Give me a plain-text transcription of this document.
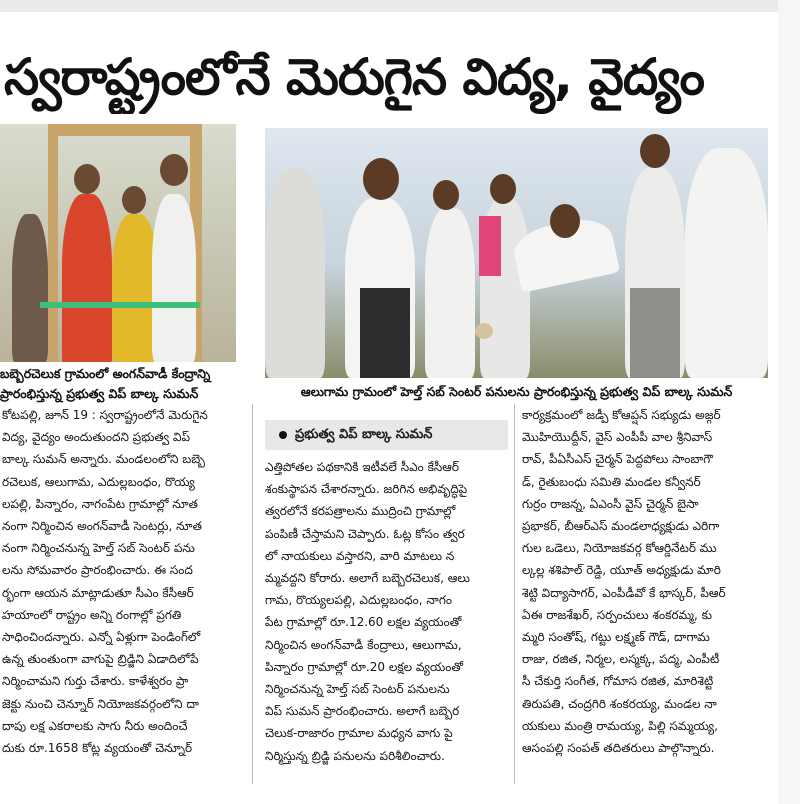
స్వరాష్ట్రంలోనే మెరుగైన విద్య, వైద్యం
బబ్బెరచెలుక గ్రామంలో అంగన్‌వాడీ కేంద్రాన్ని
ప్రారంభిస్తున్న ప్రభుత్వ విప్ బాల్క సుమన్	ఆలుగామ గ్రామంలో హెల్త్ సబ్ సెంటర్ పనులను ప్రారంభిస్తున్న ప్రభుత్వ విప్ బాల్క సుమన్
ప్రభుత్వ విప్ బాల్క సుమన్

కోటపల్లి, జూన్ 19 : స్వరాష్ట్రంలోనే మెరుగైన

విద్య, వైద్యం అందుతుందని ప్రభుత్వ విప్

బాల్క సుమన్ అన్నారు. మండలంలోని బబ్బె

రచెలుక, ఆలుగామ, ఎదుల్లబంధం, రొయ్య

లపల్లి, పిన్నారం, నాగంపేట గ్రామాల్లో నూత

నంగా నిర్మించిన అంగన్‌వాడీ సెంటర్లు, నూత

నంగా నిర్మించనున్న హెల్త్ సబ్ సెంటర్ పను

లను సోమవారం ప్రారంభించారు. ఈ సంద

ర్భంగా ఆయన మాట్లాడుతూ సీఎం కేసీఆర్

హయాంలో రాష్ట్రం అన్ని రంగాల్లో ప్రగతి

సాధించిందన్నారు. ఎన్నో ఏళ్లుగా పెండింగ్‌లో

ఉన్న తుంతుంగా వాగుపై బ్రిడ్జిని ఏడాదిలోపే

నిర్మించామని గుర్తు చేశారు. కాళేశ్వరం ప్రా

జెక్టు నుంచి చెన్నూర్ నియోజకవర్గంలోని దా

దాపు లక్ష ఎకరాలకు సాగు నీరు అందించే

దుకు రూ.1658 కోట్ల వ్యయంతో చెన్నూర్

ఎత్తిపోతల పథకానికి ఇటీవలే సీఎం కేసీఆర్

శంకుస్థాపన చేశారన్నారు. జరిగిన అభివృద్ధిపై

త్వరలోనే కరపత్రాలను ముద్రించి గ్రామాల్లో

పంపిణీ చేస్తామని చెప్పారు. ఓట్ల కోసం త్వర

లో నాయకులు వస్తారని, వారి మాటలు న

మ్మవద్దని కోరారు. అలాగే బబ్బెరచెలుక, ఆలు

గామ, రొయ్యలపల్లి, ఎదుల్లబంధం, నాగం

పేట గ్రామాల్లో రూ.12.60 లక్షల వ్యయంతో

నిర్మించిన అంగన్‌వాడీ కేంద్రాలు, ఆలుగామ,

పిన్నారం గ్రామాల్లో రూ.20 లక్షల వ్యయంతో

నిర్మించనున్న హెల్త్ సబ్ సెంటర్ పనులను

విప్ సుమన్ ప్రారంభించారు. అలాగే బబ్బెర

చెలుక-రాజారం గ్రామాల మధ్యన వాగు పై

నిర్మిస్తున్న బ్రిడ్జి పనులను పరిశీలించారు.

కార్యక్రమంలో జడ్పీ కోఆప్షన్ సభ్యుడు అజ్గర్

మొహియొద్దీన్, వైస్ ఎంపీపీ వాల శ్రీనివాస్

రావ్, పీఏసీఎస్ చైర్మన్ పెద్దపోలు సాంబాగౌ

డ్, రైతుబంధు సమితి మండల కన్వీనర్

గుర్రం రాజన్న, ఏఎంసీ వైస్ చైర్మన్ బైసా

ప్రభాకర్, బీఆర్‌ఎస్ మండలాధ్యక్షుడు ఎరిగా

గుల ఒడెలు, నియోజకవర్గ కోఆర్డినేటర్ ము

ల్కల్ల శశిపాల్ రెడ్డి, యూత్ అధ్యక్షుడు మారి

శెట్టి విద్యాసాగర్, ఎంపీడీవో కే భాస్కర్, పీఆర్

ఏఈ రాజశేఖర్, సర్పంచులు శంకరమ్మ, కు

మ్మరి సంతోష్, గట్టు లక్ష్మణ్ గౌడ్, దాగామ

రాజు, రజిత, నిర్మల, లస్మక్క, పద్మ, ఎంపీటీ

సీ చేకుర్తి సంగీత, గోమాస రజిత, మారిశెట్టి

తిరుపతి, చంద్రగిరి శంకరయ్య, మండల నా

యకులు మంత్రి రామయ్య, పిల్లి సమ్మయ్య,

ఆసంపల్లి సంపత్ తదితరులు పాల్గొన్నారు.
